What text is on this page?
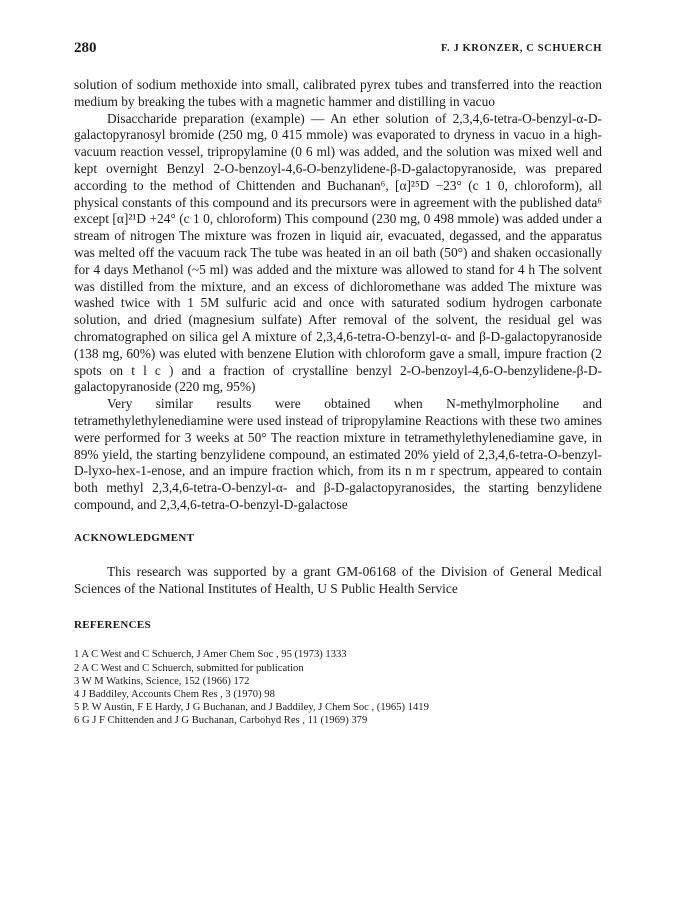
280	F. J KRONZER, C SCHUERCH

solution of sodium methoxide into small, calibrated pyrex tubes and transferred into the reaction medium by breaking the tubes with a magnetic hammer and distilling in vacuo

Disaccharide preparation (example) — An ether solution of 2,3,4,6-tetra-O-benzyl-α-D-galactopyranosyl bromide (250 mg, 0 415 mmole) was evaporated to dryness in vacuo in a high-vacuum reaction vessel, tripropylamine (0 6 ml) was added, and the solution was mixed well and kept overnight Benzyl 2-O-benzoyl-4,6-O-benzylidene-β-D-galactopyranoside, was prepared according to the method of Chittenden and Buchanan⁶, [α]²⁵D −23° (c 1 0, chloroform), all physical constants of this compound and its precursors were in agreement with the published data⁶ except [α]²¹D +24° (c 1 0, chloroform) This compound (230 mg, 0 498 mmole) was added under a stream of nitrogen The mixture was frozen in liquid air, evacuated, degassed, and the apparatus was melted off the vacuum rack The tube was heated in an oil bath (50°) and shaken occasionally for 4 days Methanol (~5 ml) was added and the mixture was allowed to stand for 4 h The solvent was distilled from the mixture, and an excess of dichloromethane was added The mixture was washed twice with 1 5M sulfuric acid and once with saturated sodium hydrogen carbonate solution, and dried (magnesium sulfate) After removal of the solvent, the residual gel was chromatographed on silica gel A mixture of 2,3,4,6-tetra-O-benzyl-α- and β-D-galactopyranoside (138 mg, 60%) was eluted with benzene Elution with chloroform gave a small, impure fraction (2 spots on t l c ) and a fraction of crystalline benzyl 2-O-benzoyl-4,6-O-benzylidene-β-D-galactopyranoside (220 mg, 95%)

Very similar results were obtained when N-methylmorpholine and tetramethylethylenediamine were used instead of tripropylamine Reactions with these two amines were performed for 3 weeks at 50° The reaction mixture in tetramethylethylenediamine gave, in 89% yield, the starting benzylidene compound, an estimated 20% yield of 2,3,4,6-tetra-O-benzyl-D-lyxo-hex-1-enose, and an impure fraction which, from its n m r spectrum, appeared to contain both methyl 2,3,4,6-tetra-O-benzyl-α- and β-D-galactopyranosides, the starting benzylidene compound, and 2,3,4,6-tetra-O-benzyl-D-galactose

ACKNOWLEDGMENT
This research was supported by a grant GM-06168 of the Division of General Medical Sciences of the National Institutes of Health, U S Public Health Service
REFERENCES
1 A C West and C Schuerch, J Amer Chem Soc , 95 (1973) 1333
2 A C West and C Schuerch, submitted for publication
3 W M Watkins, Science, 152 (1966) 172
4 J Baddiley, Accounts Chem Res , 3 (1970) 98
5 P. W Austin, F E Hardy, J G Buchanan, and J Baddiley, J Chem Soc , (1965) 1419
6 G J F Chittenden and J G Buchanan, Carbohyd Res , 11 (1969) 379
